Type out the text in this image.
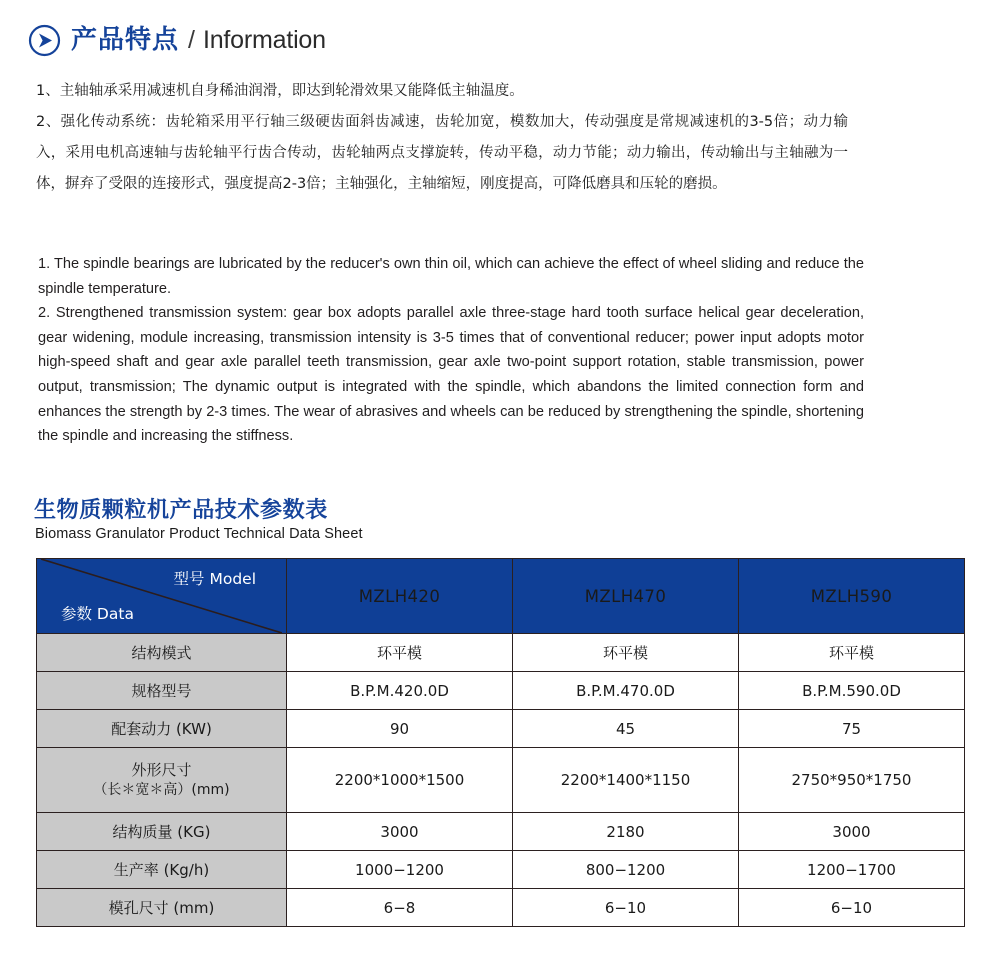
产品特点 / Information

1、主轴轴承采用减速机自身稀油润滑，即达到轮滑效果又能降低主轴温度。

2、强化传动系统：齿轮箱采用平行轴三级硬齿面斜齿减速，齿轮加宽，模数加大，传动强度是常规减速机的3-5倍；动力输入，采用电机高速轴与齿轮轴平行齿合传动，齿轮轴两点支撑旋转，传动平稳，动力节能；动力输出，传动输出与主轴融为一体，摒弃了受限的连接形式，强度提高2-3倍；主轴强化，主轴缩短，刚度提高，可降低磨具和压轮的磨损。

1. The spindle bearings are lubricated by the reducer's own thin oil, which can achieve the effect of wheel sliding and reduce the spindle temperature.

2. Strengthened transmission system: gear box adopts parallel axle three-stage hard tooth surface helical gear deceleration, gear widening, module increasing, transmission intensity is 3-5 times that of conventional reducer; power input adopts motor high-speed shaft and gear axle parallel teeth transmission, gear axle two-point support rotation, stable transmission, power output, transmission; The dynamic output is integrated with the spindle, which abandons the limited connection form and enhances the strength by 2-3 times. The wear of abrasives and wheels can be reduced by strengthening the spindle, shortening the spindle and increasing the stiffness.

生物质颗粒机产品技术参数表
Biomass Granulator Product Technical Data Sheet
型号 Model
参数 Data	MZLH420	MZLH470	MZLH590
结构模式	环平模	环平模	环平模
规格型号	B.P.M.420.0D	B.P.M.470.0D	B.P.M.590.0D
配套动力 (KW)	90	45	75

外形尺寸
（长＊宽＊高）(mm)	2200*1000*1500	2200*1400*1150	2750*950*1750
结构质量 (KG)	3000	2180	3000
生产率 (Kg/h)	1000−1200	800−1200	1200−1700
模孔尺寸 (mm)	6−8	6−10	6−10
